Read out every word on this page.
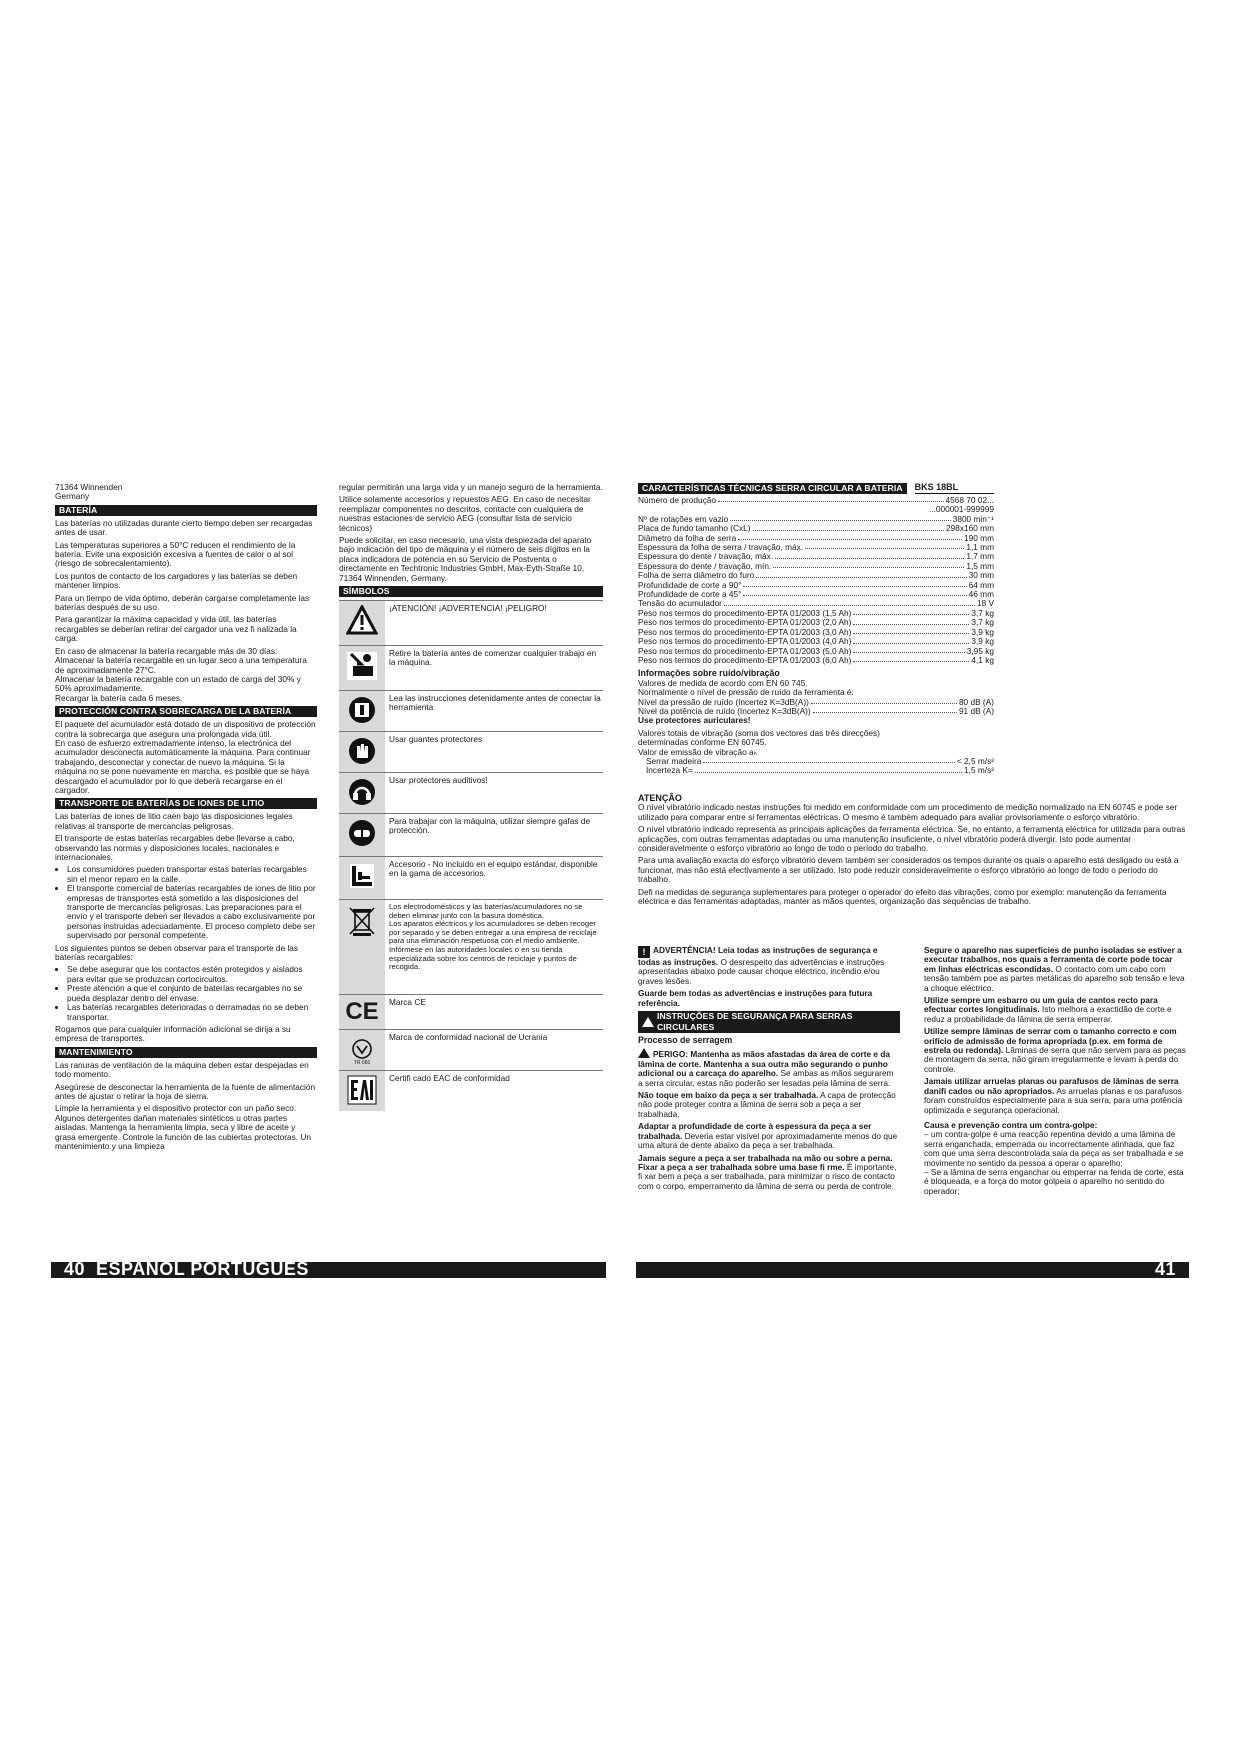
71364 Winnenden

Germany

BATERÍA

Las baterías no utilizadas durante cierto tiempo deben ser recargadas antes de usar.

Las temperaturas superiores a 50°C reducen el rendimiento de la batería. Evite una exposición excesiva a fuentes de calor o al sol (riesgo de sobrecalentamiento).

Los puntos de contacto de los cargadores y las baterías se deben mantener limpios.

Para un tiempo de vida óptimo, deberán cargarse completamente las baterías después de su uso.

Para garantizar la máxima capacidad y vida útil, las baterías recargables se deberían retirar del cargador una vez fi nalizada la carga.

En caso de almacenar la batería recargable más de 30 días:
Almacenar la batería recargable en un lugar seco a una temperatura de aproximadamente 27°C.
Almacenar la batería recargable con un estado de carga del 30% y 50% aproximadamente.
Recargar la batería cada 6 meses.

PROTECCIÓN CONTRA SOBRECARGA DE LA BATERÍA

El paquete del acumulador está dotado de un dispositivo de protección contra la sobrecarga que asegura una prolongada vida útil.
En caso de esfuerzo extremadamente intenso, la electrónica del acumulador desconecta automáticamente la máquina. Para continuar trabajando, desconectar y conectar de nuevo la máquina. Si la máquina no se pone nuevamente en marcha, es posible que se haya descargado el acumulador por lo que deberá recargarse en el cargador.

TRANSPORTE DE BATERÍAS DE IONES DE LITIO

Las baterías de iones de litio caen bajo las disposiciones legales relativas al transporte de mercancías peligrosas.

El transporte de estas baterías recargables debe llevarse a cabo, observando las normas y disposiciones locales, nacionales e internacionales.

• Los consumidores pueden transportar estas baterías recargables sin el menor reparo en la calle.
• El transporte comercial de baterías recargables de iones de litio por empresas de transportes está sometido a las disposiciones del transporte de mercancías peligrosas. Las preparaciones para el envío y el transporte deben ser llevados a cabo exclusivamente por personas instruidas adecuadamente. El proceso completo debe ser supervisado por personal competente.

Los siguientes puntos se deben observar para el transporte de las baterías recargables:

• Se debe asegurar que los contactos estén protegidos y aislados para evitar que se produzcan cortocircuitos.
• Preste atención a que el conjunto de baterías recargables no se pueda desplazar dentro del envase.
• Las baterías recargables deterioradas o derramadas no se deben transportar.

Rogamos que para cualquier información adicional se dirija a su empresa de transportes.

MANTENIMIENTO

Las ranuras de ventilación de la máquina deben estar despejadas en todo momento.

Asegúrese de desconectar la herramienta de la fuente de alimentación antes de ajustar o retirar la hoja de sierra.

Limpie la herramienta y el dispositivo protector con un paño seco. Algunos detergentes dañan materiales sintéticos u otras partes aisladas. Mantenga la herramienta limpia, seca y libre de aceite y grasa emergente. Controle la función de las cubiertas protectoras. Un mantenimiento y una limpieza

regular permitirán una larga vida y un manejo seguro de la herramienta.

Utilice solamente accesorios y repuestos AEG. En caso de necesitar reemplazar componentes no descritos, contacte con cualquiera de nuestras estaciones de servicio AEG (consultar lista de servicio técnicos)

Puede solicitar, en caso necesario, una vista despiezada del aparato bajo indicación del tipo de máquina y el número de seis dígitos en la placa indicadora de potencia en su Servicio de Postventa o directamente en Techtronic Industries GmbH, Max-Eyth-Straße 10, 71364 Winnenden, Germany.

SÍMBOLOS
¡ATENCIÓN! ¡ADVERTENCIA! ¡PELIGRO!
Retire la batería antes de comenzar cualquier trabajo en la máquina.
Lea las instrucciones detenidamente antes de conectar la herramienta
Usar guantes protectores
Usar protectores auditivos!
Para trabajar con la máquina, utilizar siempre gafas de protección.
Accesorio - No incluido en el equipo estándar, disponible en la gama de accesorios.
Los electrodomésticos y las baterías/acumuladores no se deben eliminar junto con la basura doméstica.
Los aparatos eléctricos y los acumuladores se deben recoger por separado y se deben entregar a una empresa de reciclaje para una eliminación respetuosa con el medio ambiente.
Infórmese en las autoridades locales o en su tienda especializada sobre los centros de reciclaje y puntos de recogida.
CE	Marca CE
TR 066
Marca de conformidad nacional de Ucrania
Certifi cado EAC de conformidad
40  ESPAÑOL PORTUGUES
CARACTERÍSTICAS TÉCNICAS SERRA CIRCULAR A BATERIA	BKS 18BL
Número de produção	4568 70 02...
...000001-999999
Nº de rotações em vazio	3800 min⁻¹
Placa de fundo tamanho (CxL)	298x160 mm
Diâmetro da folha de serra	190 mm
Espessura da folha de serra / travação, máx.	1,1 mm
Espessura do dente / travação, máx.	1,7 mm
Espessura do dente / travação, mín.	1,5 mm
Folha de serra diâmetro do furo	30 mm
Profundidade de corte a 90°	64 mm
Profundidade de corte a 45°	46 mm
Tensão do acumulador	18 V
Peso nos termos do procedimento-EPTA 01/2003 (1,5 Ah)	3,7 kg
Peso nos termos do procedimento-EPTA 01/2003 (2,0 Ah)	3,7 kg
Peso nos termos do procedimento-EPTA 01/2003 (3,0 Ah)	3,9 kg
Peso nos termos do procedimento-EPTA 01/2003 (4,0 Ah)	3,9 kg
Peso nos termos do procedimento-EPTA 01/2003 (5,0 Ah)	3,95 kg
Peso nos termos do procedimento-EPTA 01/2003 (6,0 Ah)	4,1 kg

Informações sobre ruído/vibração

Valores de medida de acordo com EN 60 745.
Normalmente o nível de pressão de ruído da ferramenta é:

Nível da pressão de ruído (Incertez K=3dB(A))	80 dB (A)
Nível da potência de ruído (Incertez K=3dB(A))	91 dB (A)

Use protectores auriculares!

Valores totais de vibração (soma dos vectores das três direcções) determinadas conforme EN 60745.
Valor de emissão de vibração aₕ

Serrar madeira	< 2,5 m/s²
Incerteza K=	1,5 m/s²

ATENÇÃO

O nível vibratório indicado nestas instruções foi medido em conformidade com um procedimento de medição normalizado na EN 60745 e pode ser utilizado para comparar entre si ferramentas eléctricas. O mesmo é também adequado para avaliar provisoriamente o esforço vibratório.

O nível vibratório indicado representa as principais aplicações da ferramenta eléctrica. Se, no entanto, a ferramenta eléctrica for utilizada para outras aplicações, com outras ferramentas adaptadas ou uma manutenção insuficiente, o nível vibratório poderá divergir. Isto pode aumentar consideravelmente o esforço vibratório ao longo de todo o período do trabalho.

Para uma avaliação exacta do esforço vibratório devem também ser considerados os tempos durante os quais o aparelho está desligado ou está a funcionar, mas não está efectivamente a ser utilizado. Isto pode reduzir consideravelmente o esforço vibratório ao longo de todo o período do trabalho.

Defi na medidas de segurança suplementares para proteger o operador do efeito das vibrações, como por exemplo: manutenção da ferramenta eléctrica e das ferramentas adaptadas, manter as mãos quentes, organização das sequências de trabalho.

! ADVERTÊNCIA! Leia todas as instruções de segurança e todas as instruções. O desrespeito das advertências e instruções apresentadas abaixo pode causar choque eléctrico, incêndio e/ou graves lesões.

Guarde bem todas as advertências e instruções para futura referência.

INSTRUÇÕES DE SEGURANÇA PARA SERRAS CIRCULARES

Processo de serragem

PERIGO: Mantenha as mãos afastadas da área de corte e da lâmina de corte. Mantenha a sua outra mão segurando o punho adicional ou a carcaça do aparelho. Se ambas as mãos segurarem a serra circular, estas não poderão ser lesadas pela lâmina de serra.

Não toque em baixo da peça a ser trabalhada. A capa de protecção não pode proteger contra a lâmina de serra sob a peça a ser trabalhada.

Adaptar a profundidade de corte à espessura da peça a ser trabalhada. Deveria estar visível por aproximadamente menos do que uma altura de dente abaixo da peça a ser trabalhada.

Jamais segure a peça a ser trabalhada na mão ou sobre a perna. Fixar a peça a ser trabalhada sobre uma base fi rme. É importante, fi xar bem a peça a ser trabalhada, para minimizar o risco de contacto com o corpo, emperramento da lâmina de serra ou perda de controle.

Segure o aparelho nas superfícies de punho isoladas se estiver a executar trabalhos, nos quais a ferramenta de corte pode tocar em linhas eléctricas escondidas. O contacto com um cabo com tensão também poe as partes metálicas do aparelho sob tensão e leva a choque eléctrico.

Utilize sempre um esbarro ou um guia de cantos recto para efectuar cortes longitudinais. Isto melhora a exactidão de corte e reduz a probabilidade da lâmina de serra emperrar.

Utilize sempre lâminas de serrar com o tamanho correcto e com orifício de admissão de forma apropriada (p.ex. em forma de estrela ou redonda). Lâminas de serra que não servem para as peças de montagem da serra, não giram irregularmente e levam à perda do controle.

Jamais utilizar arruelas planas ou parafusos de lâminas de serra danifi cados ou não apropriados. As arruelas planas e os parafusos foram construídos especialmente para a sua serra, para uma potência optimizada e segurança operacional.

Causa e prevenção contra um contra-golpe:

– um contra-golpe é uma reacção repentina devido a uma lâmina de serra enganchada, emperrada ou incorrectamente alinhada, que faz com que uma serra descontrolada saia da peça as ser trabalhada e se movimente no sentido da pessoa a operar o aparelho;

– Se a lâmina de serra enganchar ou emperrar na fenda de corte, esta é bloqueada, e a força do motor golpeia o aparelho no sentido do operador;

41
